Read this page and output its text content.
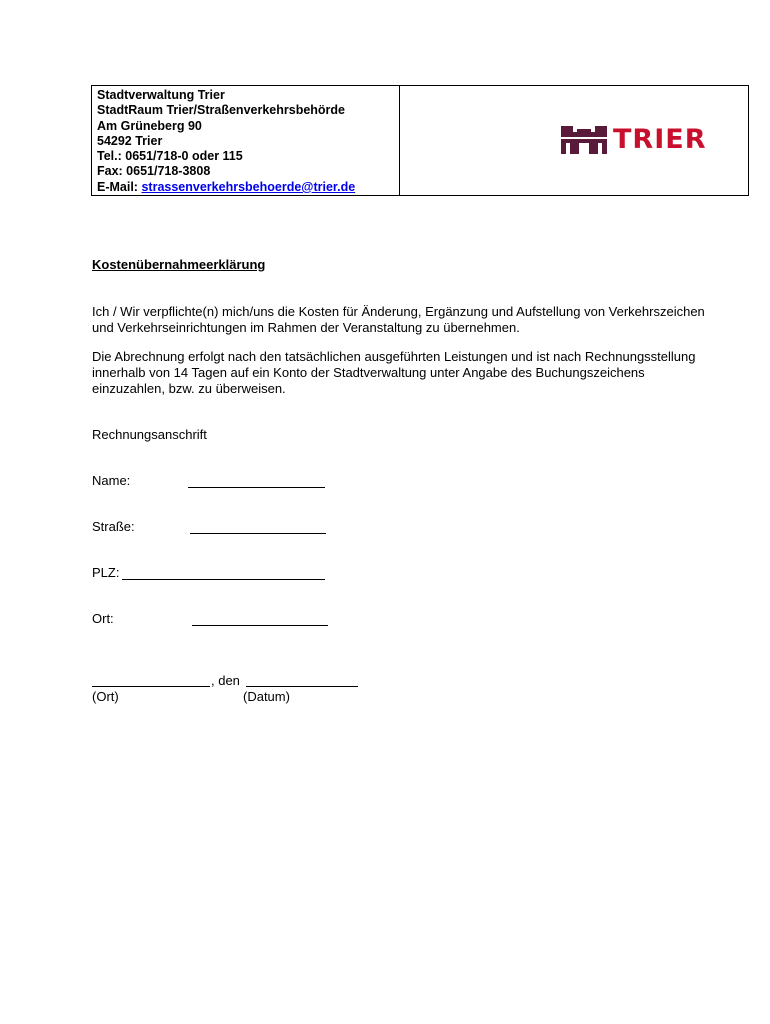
Stadtverwaltung Trier
StadtRaum Trier/Straßenverkehrsbehörde
Am Grüneberg 90
54292 Trier
Tel.: 0651/718-0 oder 115
Fax: 0651/718-3808
E-Mail: strassenverkehrsbehoerde@trier.de
TRIER
Kostenübernahmeerklärung
Ich / Wir verpflichte(n) mich/uns die Kosten für Änderung, Ergänzung und Aufstellung von Verkehrszeichen und Verkehrseinrichtungen im Rahmen der Veranstaltung zu übernehmen.
Die Abrechnung erfolgt nach den tatsächlichen ausgeführten Leistungen und ist nach Rechnungsstellung innerhalb von 14 Tagen auf ein Konto der Stadtverwaltung unter Angabe des Buchungszeichens einzuzahlen, bzw. zu überweisen.
Rechnungsanschrift
Name:
Straße:
PLZ:
Ort:
, den
(Ort)	(Datum)
